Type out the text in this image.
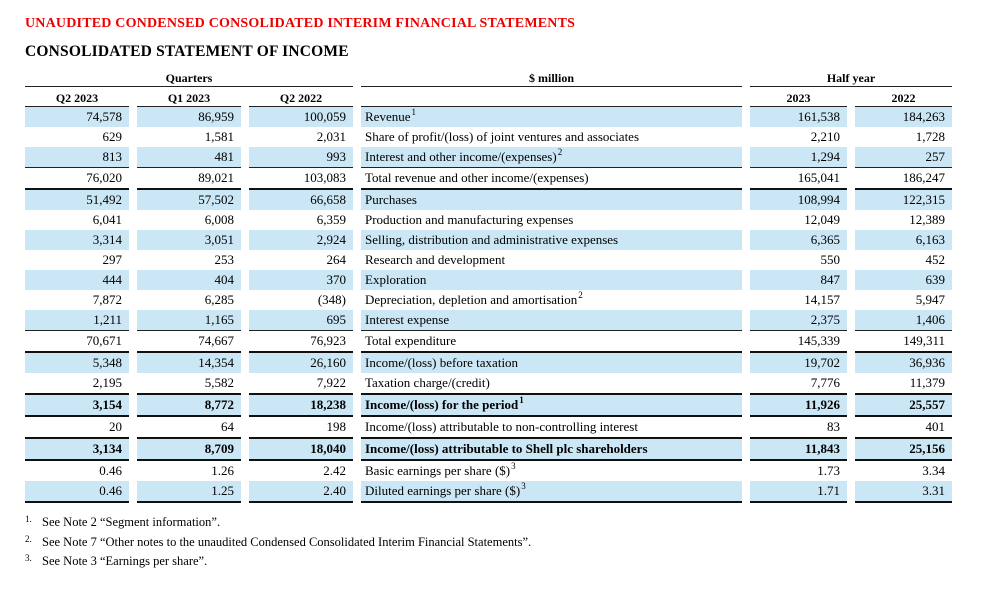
UNAUDITED CONDENSED CONSOLIDATED INTERIM FINANCIAL STATEMENTS
CONSOLIDATED STATEMENT OF INCOME
Quarters			$ million	Half year	
Q2 2023	Q1 2023	Q2 2022		2023	2022
74,578	86,959	100,059	Revenue$^1$	161,538	184,263
629	1,581	2,031	Share of profit/(loss) of joint ventures and associates	2,210	1,728
813	481	993	Interest and other income/(expenses)$^2$	1,294	257
76,020	89,021	103,083	Total revenue and other income/(expenses)	165,041	186,247
51,492	57,502	66,658	Purchases	108,994	122,315
6,041	6,008	6,359	Production and manufacturing expenses	12,049	12,389
3,314	3,051	2,924	Selling, distribution and administrative expenses	6,365	6,163
297	253	264	Research and development	550	452
444	404	370	Exploration	847	639
7,872	6,285	(348)	Depreciation, depletion and amortisation$^2$	14,157	5,947
1,211	1,165	695	Interest expense	2,375	1,406
70,671	74,667	76,923	Total expenditure	145,339	149,311
5,348	14,354	26,160	Income/(loss) before taxation	19,702	36,936
2,195	5,582	7,922	Taxation charge/(credit)	7,776	11,379
3,154	8,772	18,238	Income/(loss) for the period$^1$	11,926	25,557
20	64	198	Income/(loss) attributable to non-controlling interest	83	401
3,134	8,709	18,040	Income/(loss) attributable to Shell plc shareholders	11,843	25,156
0.46	1.26	2.42	Basic earnings per share ($)$^3$	1.73	3.34
0.46	1.25	2.40	Diluted earnings per share ($)$^3$	1.71	3.31
1. See Note 2 “Segment information”.
2. See Note 7 “Other notes to the unaudited Condensed Consolidated Interim Financial Statements”.
3. See Note 3 “Earnings per share”.
